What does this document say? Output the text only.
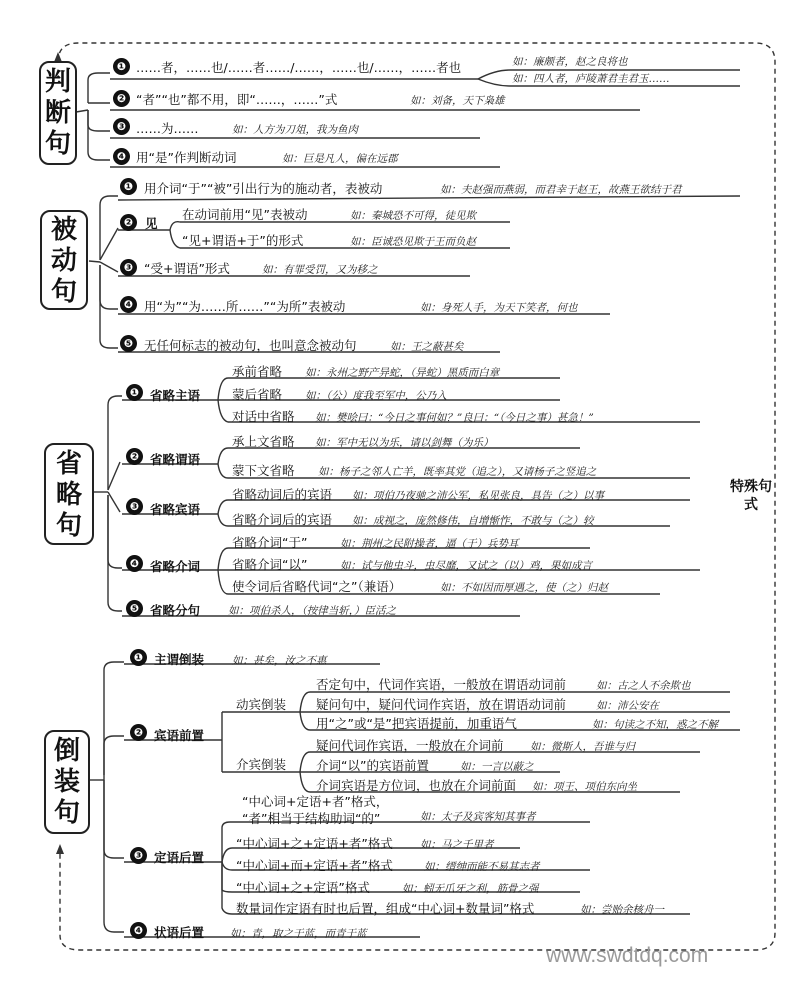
特殊句式
判断句
❶ ……者，……也/……者……/……，……也/……，……者也	如：廉颇者，赵之良将也
如：四人者，庐陵萧君圭君玉……
❷ “者”“也”都不用，即“……，……”式	如：刘备，天下枭雄
❸ ……为……	如：人方为刀俎，我为鱼肉
❹ 用“是”作判断动词	如：巨是凡人，偏在远郡
被动句
❶ 用介词“于”“被”引出行为的施动者，表被动	如：夫赵强而燕弱，而君幸于赵王，故燕王欲结于君
❷ 见
在动词前用“见”表被动	如：秦城恐不可得，徒见欺
“见+谓语+于”的形式	如：臣诚恐见欺于王而负赵
❸ “受+谓语”形式	如：有罪受罚，又为移之
❹ 用“为”“为……所……”“为所”表被动	如：身死人手，为天下笑者，何也
❺ 无任何标志的被动句，也叫意念被动句	如：王之蔽甚矣
省略句
❶ 省略主语
承前省略 如：永州之野产异蛇，（异蛇）黑质而白章
蒙后省略 如：（公）度我至军中，公乃入
对话中省略 如：樊哙曰：“今日之事何如？”良曰：“（今日之事）甚急！”
❷ 省略谓语
承上文省略 如：军中无以为乐，请以剑舞（为乐）
蒙下文省略 如：杨子之邻人亡羊，既率其党（追之），又请杨子之竖追之
❸ 省略宾语
省略动词后的宾语 如：项伯乃夜驰之沛公军，私见张良，具告（之）以事
省略介词后的宾语 如：成视之，庞然修伟，自增惭怍，不敢与（之）较
❹ 省略介词
省略介词“于”	如：荆州之民附操者，逼（于）兵势耳
省略介词“以”	如：试与他虫斗，虫尽靡，又试之（以）鸡，果如成言
使令词后省略代词“之”（兼语）	如：不如因而厚遇之，使（之）归赵
❺ 省略分句	如：项伯杀人，（按律当斩，）臣活之
倒装句
❶ 主谓倒装	如：甚矣，汝之不惠
❷ 宾语前置
动宾倒装
否定句中，代词作宾语，一般放在谓语动词前	如：古之人不余欺也
疑问句中，疑问代词作宾语，放在谓语动词前	如：沛公安在
用“之”或“是”把宾语提前，加重语气	如：句读之不知，惑之不解
介宾倒装
疑问代词作宾语，一般放在介词前	如：微斯人，吾谁与归
介词“以”的宾语前置	如：一言以蔽之
介词宾语是方位词，也放在介词前面 如：项王、项伯东向坐
❸ 定语后置
“中心词+定语+者”格式，
“者”相当于结构助词“的”	如：太子及宾客知其事者
“中心词+之+定语+者”格式	如：马之千里者
“中心词+而+定语+者”格式	如：缙绅而能不易其志者
“中心词+之+定语”格式	如：蚓无爪牙之利，筋骨之强
数量词作定语有时也后置，组成“中心词+数量词”格式	如：尝贻余核舟一
❹ 状语后置 如：青，取之于蓝，而青于蓝
www.swdtdq.com
